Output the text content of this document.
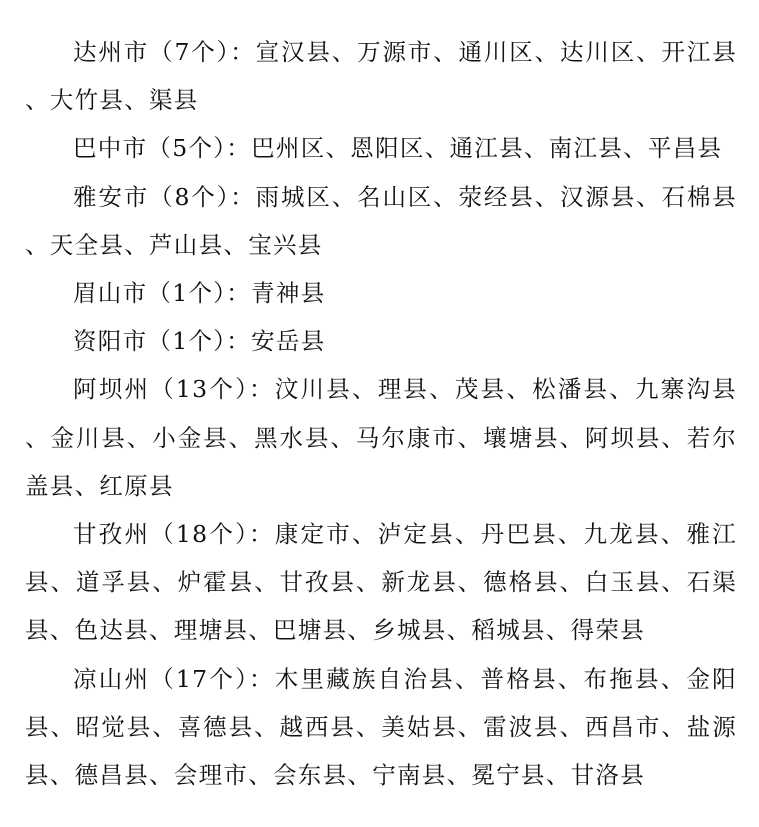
达州市（7个）：宣汉县、万源市、通川区、达川区、开江县、大竹县、渠县

巴中市（5个）：巴州区、恩阳区、通江县、南江县、平昌县

雅安市（8个）：雨城区、名山区、荥经县、汉源县、石棉县、天全县、芦山县、宝兴县

眉山市（1个）：青神县

资阳市（1个）：安岳县

阿坝州（13个）：汶川县、理县、茂县、松潘县、九寨沟县、金川县、小金县、黑水县、马尔康市、壤塘县、阿坝县、若尔盖县、红原县

甘孜州（18个）：康定市、泸定县、丹巴县、九龙县、雅江县、道孚县、炉霍县、甘孜县、新龙县、德格县、白玉县、石渠县、色达县、理塘县、巴塘县、乡城县、稻城县、得荣县

凉山州（17个）：木里藏族自治县、普格县、布拖县、金阳县、昭觉县、喜德县、越西县、美姑县、雷波县、西昌市、盐源县、德昌县、会理市、会东县、宁南县、冕宁县、甘洛县
